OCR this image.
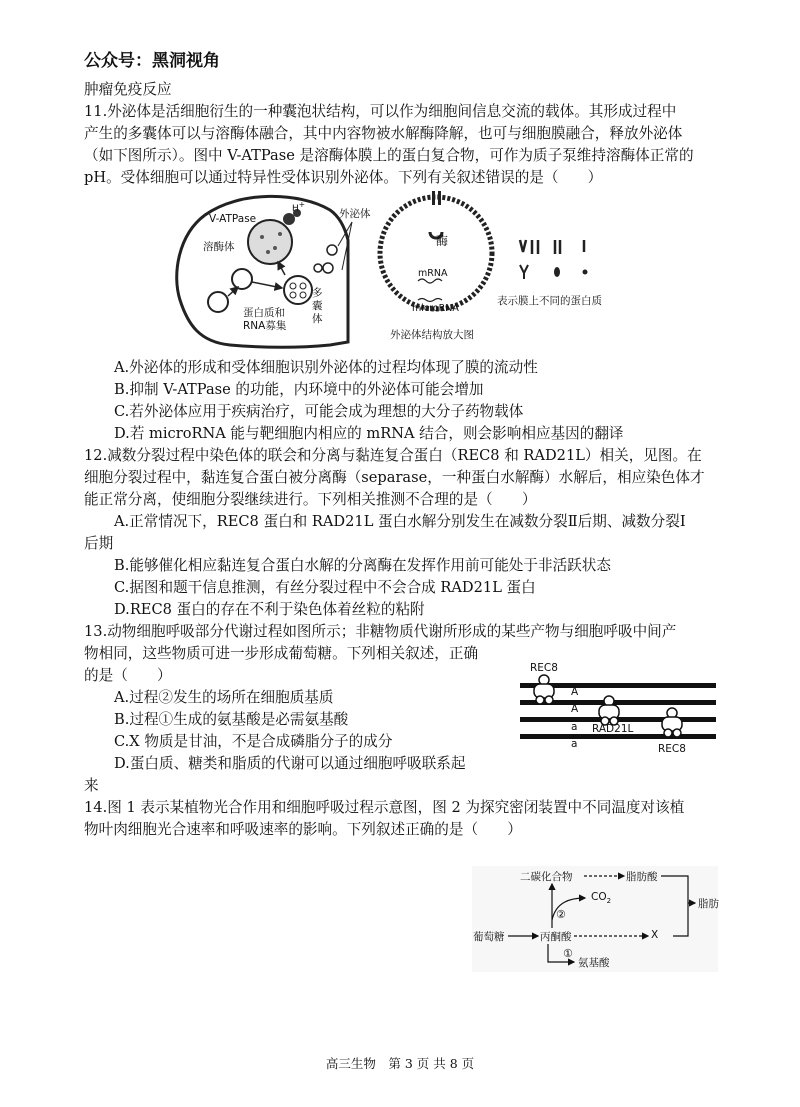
公众号：黑洞视角
肿瘤免疫反应
11.外泌体是活细胞衍生的一种囊泡状结构，可以作为细胞间信息交流的载体。其形成过程中
产生的多囊体可以与溶酶体融合，其中内容物被水解酶降解，也可与细胞膜融合，释放外泌体
（如下图所示）。图中 V-ATPase 是溶酶体膜上的蛋白复合物，可作为质子泵维持溶酶体正常的
pH。受体细胞可以通过特异性受体识别外泌体。下列有关叙述错误的是（　　）
V-ATPase
H+
溶酶体
外泌体
多
囊
体
蛋白质和
RNA募集
酶
mRNA
microRNA
外泌体结构放大图
表示膜上不同的蛋白质
A.外泌体的形成和受体细胞识别外泌体的过程均体现了膜的流动性
B.抑制 V-ATPase 的功能，内环境中的外泌体可能会增加
C.若外泌体应用于疾病治疗，可能会成为理想的大分子药物载体
D.若 microRNA 能与靶细胞内相应的 mRNA 结合，则会影响相应基因的翻译
12.减数分裂过程中染色体的联会和分离与黏连复合蛋白（REC8 和 RAD21L）相关，见图。在
细胞分裂过程中，黏连复合蛋白被分离酶（separase，一种蛋白水解酶）水解后，相应染色体才
能正常分离，使细胞分裂继续进行。下列相关推测不合理的是（　　）
A.正常情况下，REC8 蛋白和 RAD21L 蛋白水解分别发生在减数分裂Ⅱ后期、减数分裂Ⅰ
后期
B.能够催化相应黏连复合蛋白水解的分离酶在发挥作用前可能处于非活跃状态
C.据图和题干信息推测，有丝分裂过程中不会合成 RAD21L 蛋白
D.REC8 蛋白的存在不利于染色体着丝粒的粘附
13.动物细胞呼吸部分代谢过程如图所示；非糖物质代谢所形成的某些产物与细胞呼吸中间产
物相同，这些物质可进一步形成葡萄糖。下列相关叙述，正确
的是（　　）
A.过程②发生的场所在细胞质基质
B.过程①生成的氨基酸是必需氨基酸
C.X 物质是甘油，不是合成磷脂分子的成分
D.蛋白质、糖类和脂质的代谢可以通过细胞呼吸联系起
来
REC8
A
A
a
a
RAD21L
REC8
14.图 1 表示某植物光合作用和细胞呼吸过程示意图，图 2 为探究密闭装置中不同温度对该植
物叶肉细胞光合速率和呼吸速率的影响。下列叙述正确的是（　　）
二碳化合物	脂肪酸
脂肪
$CO_2$
②
葡萄糖	丙酮酸	X
①
氨基酸
高三生物　第 3 页 共 8 页
